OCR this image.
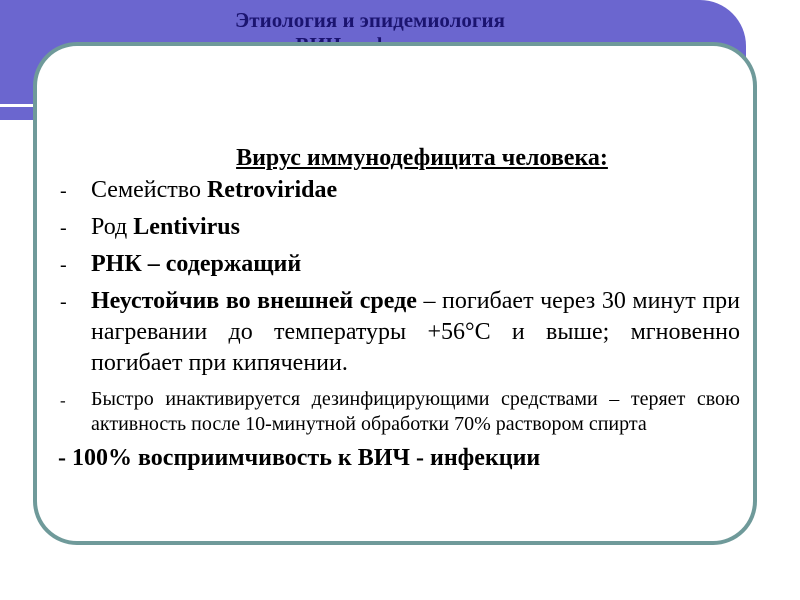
Этиология и эпидемиология
Вирус иммунодефицита человека:
- Семейство Retroviridae
- Род Lentivirus
- РНК – содержащий
- Неустойчив во внешней среде – погибает через 30 минут при нагревании до температуры +56°С и выше; мгновенно погибает при кипячении.
- Быстро инактивируется дезинфицирующими средствами – теряет свою активность после 10-минутной обработки 70% раствором спирта
- 100% восприимчивость к ВИЧ - инфекции
